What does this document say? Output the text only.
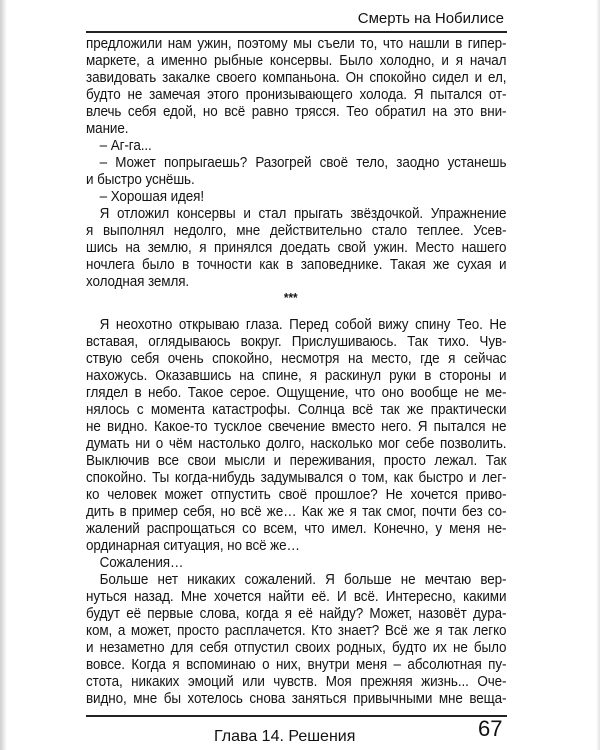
Смерть на Нобилисе
предложили нам ужин, поэтому мы съели то, что нашли в гипер-
маркете, а именно рыбные консервы. Было холодно, и я начал
завидовать закалке своего компаньона. Он спокойно сидел и ел,
будто не замечая этого пронизывающего холода. Я пытался от-
влечь себя едой, но всё равно трясся. Тео обратил на это вни-
мание.
– Аг-га...
– Может попрыгаешь? Разогрей своё тело, заодно устанешь
и быстро уснёшь.
– Хорошая идея!
Я отложил консервы и стал прыгать звёздочкой. Упражнение
я выполнял недолго, мне действительно стало теплее. Усев-
шись на землю, я принялся доедать свой ужин. Место нашего
ночлега было в точности как в заповеднике. Такая же сухая и
холодная земля.
***
Я неохотно открываю глаза. Перед собой вижу спину Тео. Не
вставая, оглядываюсь вокруг. Прислушиваюсь. Так тихо. Чув-
ствую себя очень спокойно, несмотря на место, где я сейчас
нахожусь. Оказавшись на спине, я раскинул руки в стороны и
глядел в небо. Такое серое. Ощущение, что оно вообще не ме-
нялось с момента катастрофы. Солнца всё так же практически
не видно. Какое-то тусклое свечение вместо него. Я пытался не
думать ни о чём настолько долго, насколько мог себе позволить.
Выключив все свои мысли и переживания, просто лежал. Так
спокойно. Ты когда-нибудь задумывался о том, как быстро и лег-
ко человек может отпустить своё прошлое? Не хочется приво-
дить в пример себя, но всё же… Как же я так смог, почти без со-
жалений распрощаться со всем, что имел. Конечно, у меня не-
ординарная ситуация, но всё же…
Сожаления…
Больше нет никаких сожалений. Я больше не мечтаю вер-
нуться назад. Мне хочется найти её. И всё. Интересно, какими
будут её первые слова, когда я её найду? Может, назовёт дура-
ком, а может, просто расплачется. Кто знает? Всё же я так легко
и незаметно для себя отпустил своих родных, будто их не было
вовсе. Когда я вспоминаю о них, внутри меня – абсолютная пу-
стота, никаких эмоций или чувств. Моя прежняя жизнь... Оче-
видно, мне бы хотелось снова заняться привычными мне веща-
Глава 14. Решения	67
